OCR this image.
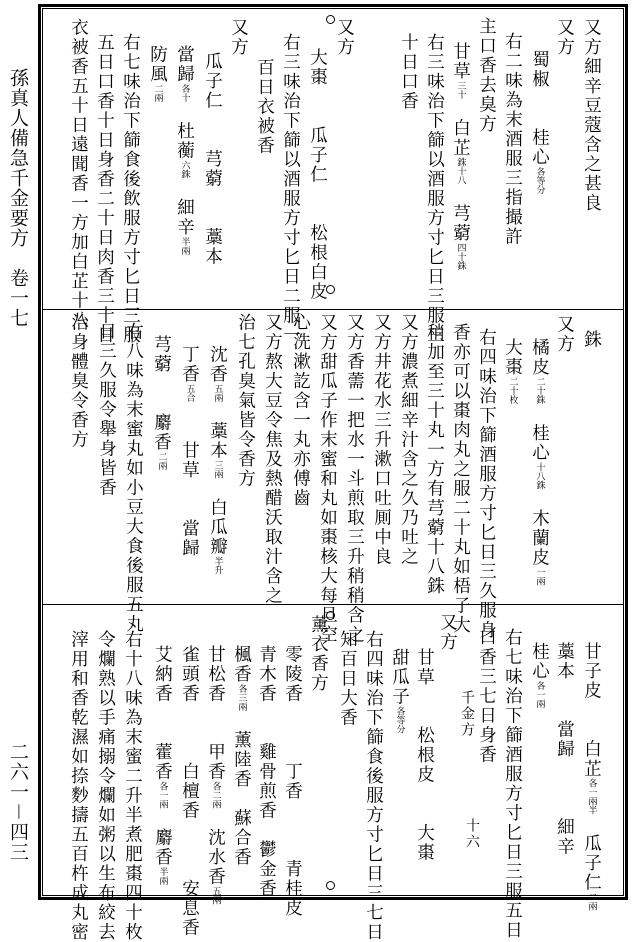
孫真人備急千金要方　卷一七
二六一－四三
又方細辛豆蔻含之甚良
又方
蜀椒　　桂心各等分
右二味為末酒服三指撮許
主口香去臭方
甘草三十　白芷銖十八　芎藭四十銖
右三味治下篩以酒服方寸匕日三服三
十日口香
又方
大棗　　瓜子仁　　松根白皮
右三味治下篩以酒服方寸匕日二服一
百日衣被香
又方
瓜子仁　　芎藭　　藁本
當歸各十　杜蘅六銖　細辛半兩
防風二兩
右七味治下篩食後飲服方寸匕日三服
五日口香十日身香二十日肉香三十日
衣被香五十日遠聞香一方加白芷十八
銖
又方
橘皮二十銖　桂心十八銖　木蘭皮一兩
大棗二十枚
右四味治下篩酒服方寸匕日三久服身
香亦可以棗肉丸之服二十丸如梧子大
稍加至三十丸一方有芎藭十八銖
又方濃煮細辛汁含之久乃吐之
又方井花水三升漱口吐厠中良
又方香薷一把水一斗煎取三升稍稍含之
又方甜瓜子作末蜜和丸如棗核大每旦空
心洗漱訖含一丸亦傅齒
又方熬大豆令焦及熱醋沃取汁含之
治七孔臭氣皆令香方
沈香五兩　藁本三兩　白瓜瓣半升
丁香五合　　甘草　　當歸
芎藭　　麝香二兩
右八味為末蜜丸如小豆大食後服五丸
日三久服令舉身皆香
治身體臭令香方
甘子皮　　白芷各一兩半　瓜子仁二兩
藁本　　當歸　　　細辛
桂心各一兩
右七味治下篩酒服方寸匕日三服五日
口香三七日身香
千金方
十六
又方
甘草　　松根皮　　大棗
甜瓜子各等分
右四味治下篩食後服方寸匕日三七日
知百日大香
薰衣香方
零陵香　　　丁香　　　青桂皮
青木香　　雞骨煎香　鬱金香
楓香各三兩　薰陸香　蘇合香
甘松香　　甲香各二兩　沈水香五兩
雀頭香　　　白檀香　　　安息香
艾納香　　藿香各一兩　麝香半兩
右十八味為末蜜二升半煮肥棗四十枚
令爛熟以手痛搦令爛如粥以生布絞去
滓用和香乾濕如捺麨擣五百杵成丸密
